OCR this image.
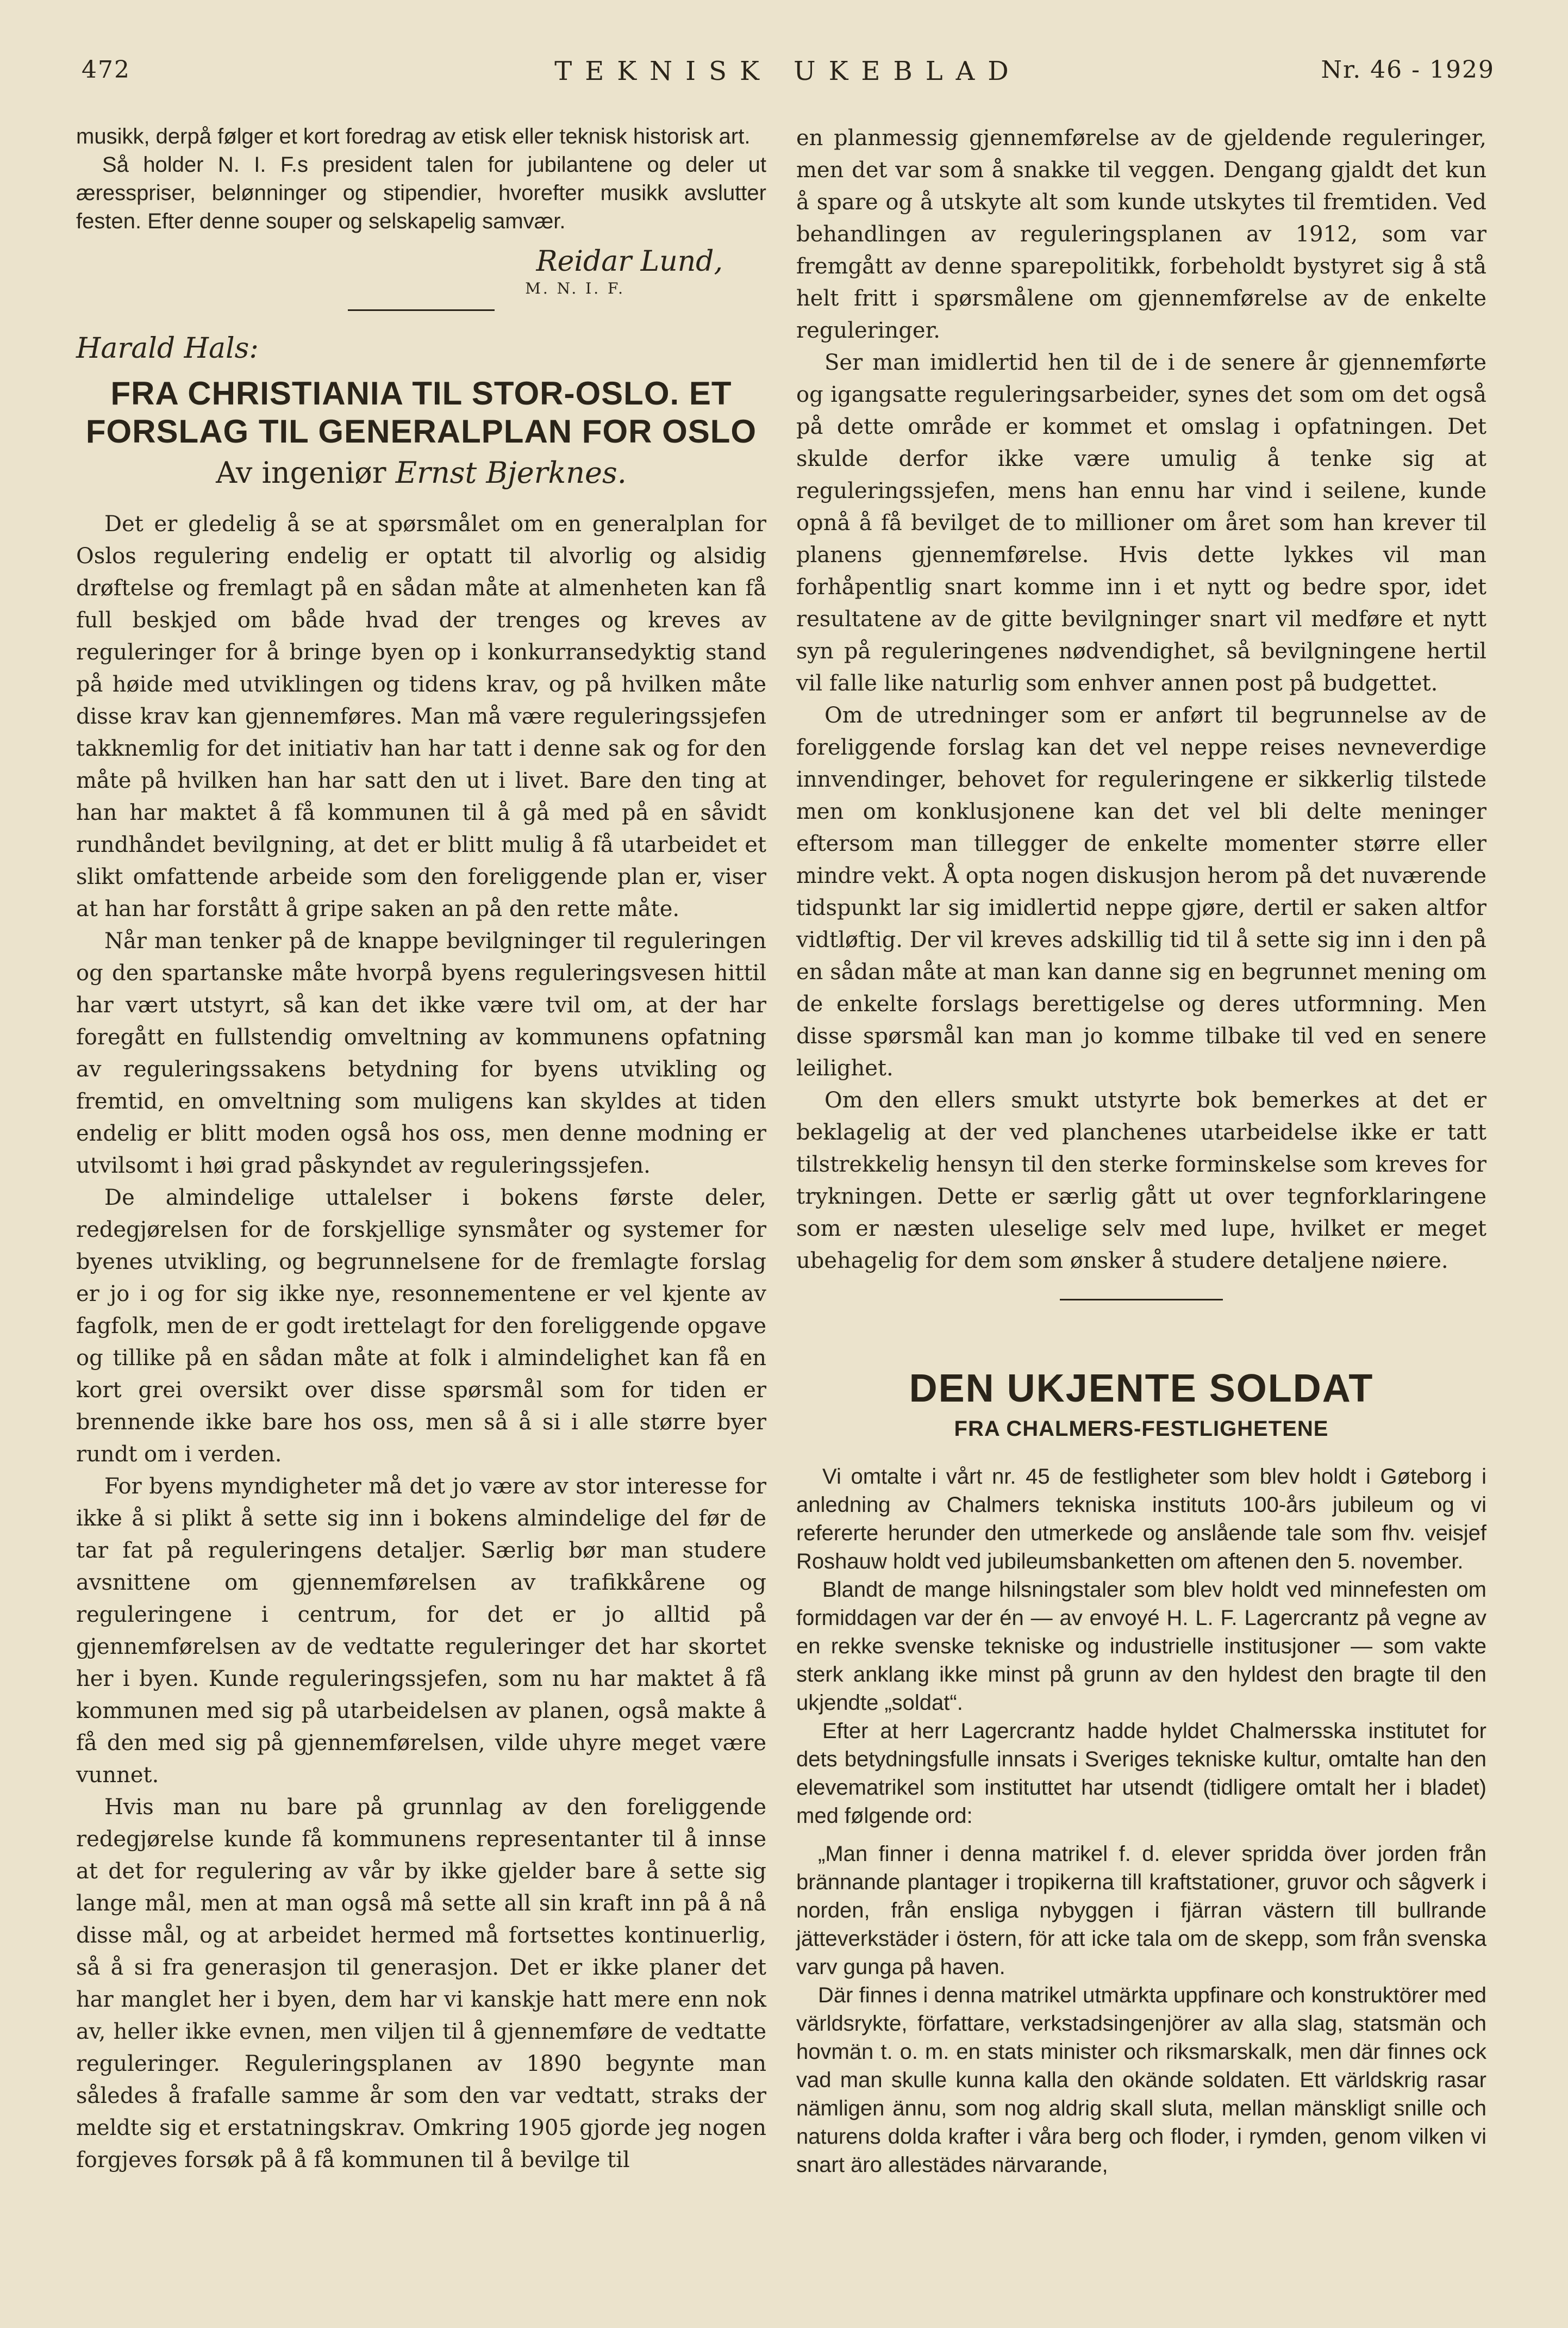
472	TEKNISK UKEBLAD	Nr. 46 - 1929

musikk, derpå følger et kort foredrag av etisk eller teknisk historisk art.

Så holder N. I. F.s president talen for jubilantene og deler ut æresspriser, belønninger og stipendier, hvorefter musikk avslutter festen. Efter denne souper og selskapelig samvær.

Reidar Lund,
M. N. I. F.
Harald Hals:
FRA CHRISTIANIA TIL STOR-OSLO. ET FORSLAG TIL GENERALPLAN FOR OSLO
Av ingeniør Ernst Bjerknes.

Det er gledelig å se at spørsmålet om en generalplan for Oslos regulering endelig er optatt til alvorlig og alsidig drøftelse og fremlagt på en sådan måte at almenheten kan få full beskjed om både hvad der trenges og kreves av reguleringer for å bringe byen op i konkurransedyktig stand på høide med utviklingen og tidens krav, og på hvilken måte disse krav kan gjennemføres. Man må være reguleringssjefen takknemlig for det initiativ han har tatt i denne sak og for den måte på hvilken han har satt den ut i livet. Bare den ting at han har maktet å få kommunen til å gå med på en såvidt rundhåndet bevilgning, at det er blitt mulig å få utarbeidet et slikt omfattende arbeide som den foreliggende plan er, viser at han har forstått å gripe saken an på den rette måte.

Når man tenker på de knappe bevilgninger til reguleringen og den spartanske måte hvorpå byens reguleringsvesen hittil har vært utstyrt, så kan det ikke være tvil om, at der har foregått en fullstendig omveltning av kommunens opfatning av reguleringssakens betydning for byens utvikling og fremtid, en omveltning som muligens kan skyldes at tiden endelig er blitt moden også hos oss, men denne modning er utvilsomt i høi grad påskyndet av reguleringssjefen.

De almindelige uttalelser i bokens første deler, redegjørelsen for de forskjellige synsmåter og systemer for byenes utvikling, og begrunnelsene for de fremlagte forslag er jo i og for sig ikke nye, resonnementene er vel kjente av fagfolk, men de er godt irettelagt for den foreliggende opgave og tillike på en sådan måte at folk i almindelighet kan få en kort grei oversikt over disse spørsmål som for tiden er brennende ikke bare hos oss, men så å si i alle større byer rundt om i verden.

For byens myndigheter må det jo være av stor interesse for ikke å si plikt å sette sig inn i bokens almindelige del før de tar fat på reguleringens detaljer. Særlig bør man studere avsnittene om gjennemførelsen av trafikkårene og reguleringene i centrum, for det er jo alltid på gjennemførelsen av de vedtatte reguleringer det har skortet her i byen. Kunde reguleringssjefen, som nu har maktet å få kommunen med sig på utarbeidelsen av planen, også makte å få den med sig på gjennemførelsen, vilde uhyre meget være vunnet.

Hvis man nu bare på grunnlag av den foreliggende redegjørelse kunde få kommunens representanter til å innse at det for regulering av vår by ikke gjelder bare å sette sig lange mål, men at man også må sette all sin kraft inn på å nå disse mål, og at arbeidet hermed må fortsettes kontinuerlig, så å si fra generasjon til generasjon. Det er ikke planer det har manglet her i byen, dem har vi kanskje hatt mere enn nok av, heller ikke evnen, men viljen til å gjennemføre de vedtatte reguleringer. Reguleringsplanen av 1890 begynte man således å frafalle samme år som den var vedtatt, straks der meldte sig et erstatningskrav. Omkring 1905 gjorde jeg nogen forgjeves forsøk på å få kommunen til å bevilge til

en planmessig gjennemførelse av de gjeldende reguleringer, men det var som å snakke til veggen. Dengang gjaldt det kun å spare og å utskyte alt som kunde utskytes til fremtiden. Ved behandlingen av reguleringsplanen av 1912, som var fremgått av denne sparepolitikk, forbeholdt bystyret sig å stå helt fritt i spørsmålene om gjennemførelse av de enkelte reguleringer.

Ser man imidlertid hen til de i de senere år gjennemførte og igangsatte reguleringsarbeider, synes det som om det også på dette område er kommet et omslag i opfatningen. Det skulde derfor ikke være umulig å tenke sig at reguleringssjefen, mens han ennu har vind i seilene, kunde opnå å få bevilget de to millioner om året som han krever til planens gjennemførelse. Hvis dette lykkes vil man forhåpentlig snart komme inn i et nytt og bedre spor, idet resultatene av de gitte bevilgninger snart vil medføre et nytt syn på reguleringenes nødvendighet, så bevilgningene hertil vil falle like naturlig som enhver annen post på budgettet.

Om de utredninger som er anført til begrunnelse av de foreliggende forslag kan det vel neppe reises nevneverdige innvendinger, behovet for reguleringene er sikkerlig tilstede men om konklusjonene kan det vel bli delte meninger eftersom man tillegger de enkelte momenter større eller mindre vekt. Å opta nogen diskusjon herom på det nuværende tidspunkt lar sig imidlertid neppe gjøre, dertil er saken altfor vidtløftig. Der vil kreves adskillig tid til å sette sig inn i den på en sådan måte at man kan danne sig en begrunnet mening om de enkelte forslags berettigelse og deres utformning. Men disse spørsmål kan man jo komme tilbake til ved en senere leilighet.

Om den ellers smukt utstyrte bok bemerkes at det er beklagelig at der ved planchenes utarbeidelse ikke er tatt tilstrekkelig hensyn til den sterke forminskelse som kreves for trykningen. Dette er særlig gått ut over tegnforklaringene som er næsten uleselige selv med lupe, hvilket er meget ubehagelig for dem som ønsker å studere detaljene nøiere.

DEN UKJENTE SOLDAT
FRA CHALMERS-FESTLIGHETENE

Vi omtalte i vårt nr. 45 de festligheter som blev holdt i Gøteborg i anledning av Chalmers tekniska instituts 100-års jubileum og vi refererte herunder den utmerkede og anslående tale som fhv. veisjef Roshauw holdt ved jubileumsbanketten om aftenen den 5. november.

Blandt de mange hilsningstaler som blev holdt ved minnefesten om formiddagen var der én — av envoyé H. L. F. Lagercrantz på vegne av en rekke svenske tekniske og industrielle institusjoner — som vakte sterk anklang ikke minst på grunn av den hyldest den bragte til den ukjendte „soldat“.

Efter at herr Lagercrantz hadde hyldet Chalmersska institutet for dets betydningsfulle innsats i Sveriges tekniske kultur, omtalte han den elevematrikel som instituttet har utsendt (tidligere omtalt her i bladet) med følgende ord:

„Man finner i denna matrikel f. d. elever spridda över jorden från brännande plantager i tropikerna till kraftstationer, gruvor och sågverk i norden, från ensliga nybyggen i fjärran västern till bullrande jätteverkstäder i östern, för att icke tala om de skepp, som från svenska varv gunga på haven.

Där finnes i denna matrikel utmärkta uppfinare och konstruktörer med världsrykte, författare, verkstadsingenjörer av alla slag, statsmän och hovmän t. o. m. en stats minister och riksmarskalk, men där finnes ock vad man skulle kunna kalla den okände soldaten. Ett världskrig rasar nämligen ännu, som nog aldrig skall sluta, mellan mänskligt snille och naturens dolda krafter i våra berg och floder, i rymden, genom vilken vi snart äro allestädes närvarande,
